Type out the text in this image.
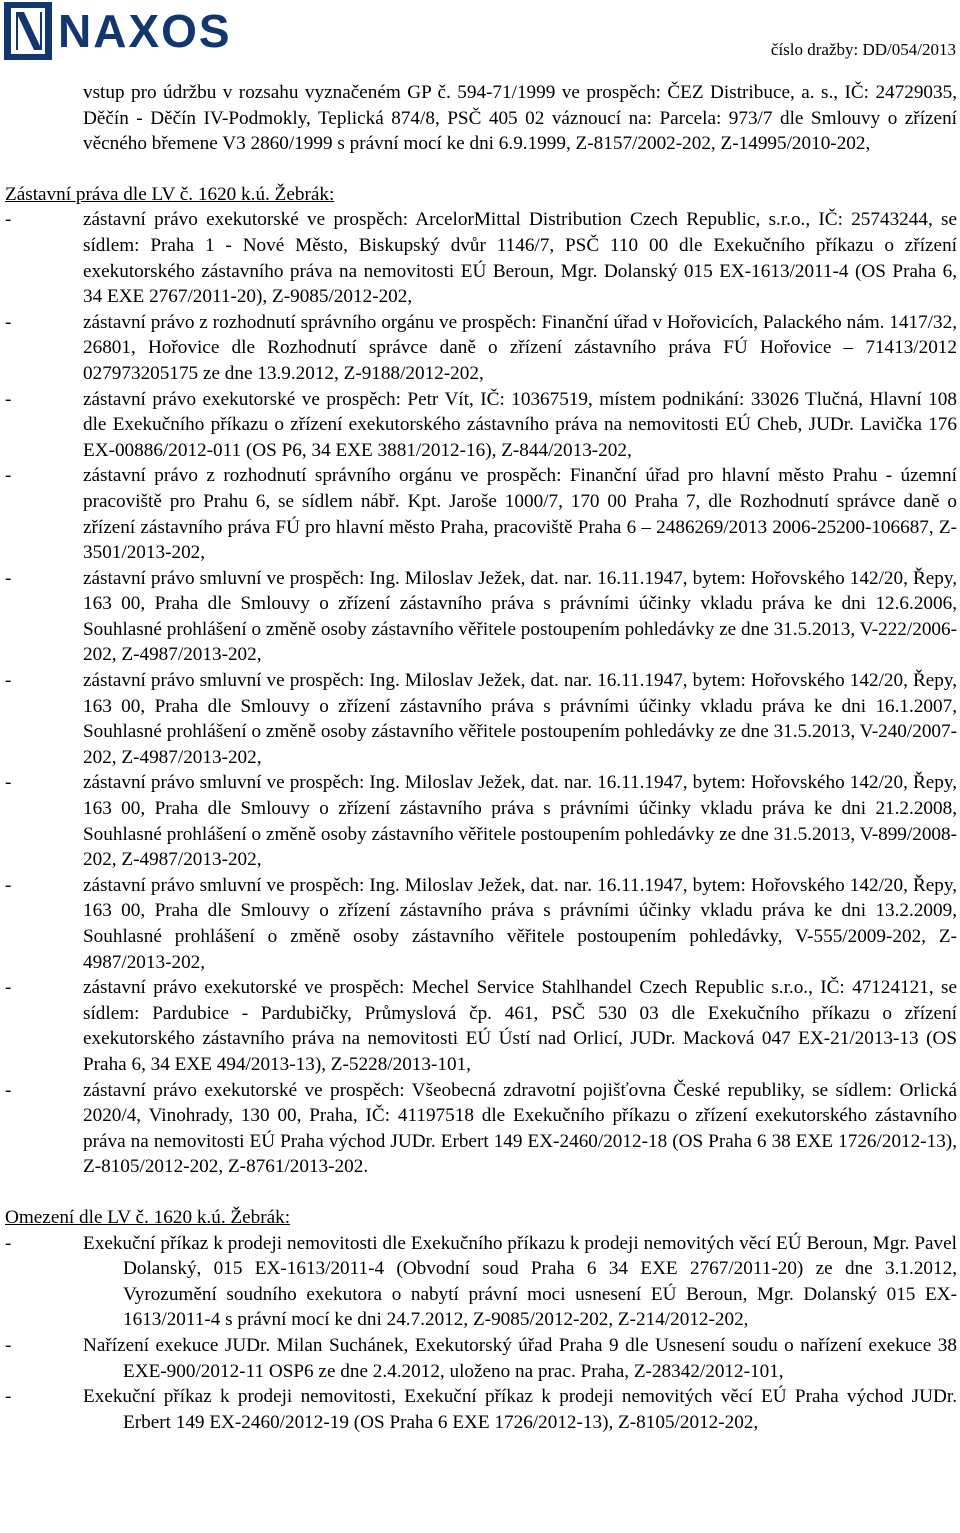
NAXOS	číslo dražby: DD/054/2013
vstup pro údržbu v rozsahu vyznačeném GP č. 594-71/1999 ve prospěch: ČEZ Distribuce, a. s., IČ: 24729035, Děčín - Děčín IV-Podmokly, Teplická 874/8, PSČ 405 02 váznoucí na: Parcela: 973/7 dle Smlouvy o zřízení věcného břemene V3 2860/1999 s právní mocí ke dni 6.9.1999, Z-8157/2002-202, Z-14995/2010-202,
Zástavní práva dle LV č. 1620 k.ú. Žebrák:
-	zástavní právo exekutorské ve prospěch: ArcelorMittal Distribution Czech Republic, s.r.o., IČ: 25743244, se sídlem: Praha 1 - Nové Město, Biskupský dvůr 1146/7, PSČ 110 00 dle Exekučního příkazu o zřízení exekutorského zástavního práva na nemovitosti EÚ Beroun, Mgr. Dolanský 015 EX-1613/2011-4 (OS Praha 6, 34 EXE 2767/2011-20), Z-9085/2012-202,
-	zástavní právo z rozhodnutí správního orgánu ve prospěch: Finanční úřad v Hořovicích, Palackého nám. 1417/32, 26801, Hořovice dle Rozhodnutí správce daně o zřízení zástavního práva FÚ Hořovice – 71413/2012 027973205175 ze dne 13.9.2012, Z-9188/2012-202,
-	zástavní právo exekutorské ve prospěch: Petr Vít, IČ: 10367519, místem podnikání: 33026 Tlučná, Hlavní 108 dle Exekučního příkazu o zřízení exekutorského zástavního práva na nemovitosti EÚ Cheb, JUDr. Lavička 176 EX-00886/2012-011 (OS P6, 34 EXE 3881/2012-16), Z-844/2013-202,
-	zástavní právo z rozhodnutí správního orgánu ve prospěch: Finanční úřad pro hlavní město Prahu - územní pracoviště pro Prahu 6, se sídlem nábř. Kpt. Jaroše 1000/7, 170 00 Praha 7, dle Rozhodnutí správce daně o zřízení zástavního práva FÚ pro hlavní město Praha, pracoviště Praha 6 – 2486269/2013 2006-25200-106687, Z-3501/2013-202,
-	zástavní právo smluvní ve prospěch: Ing. Miloslav Ježek, dat. nar. 16.11.1947, bytem: Hořovského 142/20, Řepy, 163 00, Praha dle Smlouvy o zřízení zástavního práva s právními účinky vkladu práva ke dni 12.6.2006, Souhlasné prohlášení o změně osoby zástavního věřitele postoupením pohledávky ze dne 31.5.2013, V-222/2006-202, Z-4987/2013-202,
-	zástavní právo smluvní ve prospěch: Ing. Miloslav Ježek, dat. nar. 16.11.1947, bytem: Hořovského 142/20, Řepy, 163 00, Praha dle Smlouvy o zřízení zástavního práva s právními účinky vkladu práva ke dni 16.1.2007, Souhlasné prohlášení o změně osoby zástavního věřitele postoupením pohledávky ze dne 31.5.2013, V-240/2007-202, Z-4987/2013-202,
-	zástavní právo smluvní ve prospěch: Ing. Miloslav Ježek, dat. nar. 16.11.1947, bytem: Hořovského 142/20, Řepy, 163 00, Praha dle Smlouvy o zřízení zástavního práva s právními účinky vkladu práva ke dni 21.2.2008, Souhlasné prohlášení o změně osoby zástavního věřitele postoupením pohledávky ze dne 31.5.2013, V-899/2008-202, Z-4987/2013-202,
-	zástavní právo smluvní ve prospěch: Ing. Miloslav Ježek, dat. nar. 16.11.1947, bytem: Hořovského 142/20, Řepy, 163 00, Praha dle Smlouvy o zřízení zástavního práva s právními účinky vkladu práva ke dni 13.2.2009, Souhlasné prohlášení o změně osoby zástavního věřitele postoupením pohledávky, V-555/2009-202, Z-4987/2013-202,
-	zástavní právo exekutorské ve prospěch: Mechel Service Stahlhandel Czech Republic s.r.o., IČ: 47124121, se sídlem: Pardubice - Pardubičky, Průmyslová čp. 461, PSČ 530 03 dle Exekučního příkazu o zřízení exekutorského zástavního práva na nemovitosti EÚ Ústí nad Orlicí, JUDr. Macková 047 EX-21/2013-13 (OS Praha 6, 34 EXE 494/2013-13), Z-5228/2013-101,
-	zástavní právo exekutorské ve prospěch: Všeobecná zdravotní pojišťovna České republiky, se sídlem: Orlická 2020/4, Vinohrady, 130 00, Praha, IČ: 41197518 dle Exekučního příkazu o zřízení exekutorského zástavního práva na nemovitosti EÚ Praha východ JUDr. Erbert 149 EX-2460/2012-18 (OS Praha 6 38 EXE 1726/2012-13), Z-8105/2012-202, Z-8761/2013-202.
Omezení dle LV č. 1620 k.ú. Žebrák:
-	Exekuční příkaz k prodeji nemovitosti dle Exekučního příkazu k prodeji nemovitých věcí EÚ Beroun, Mgr. Pavel Dolanský, 015 EX-1613/2011-4 (Obvodní soud Praha 6 34 EXE 2767/2011-20) ze dne 3.1.2012, Vyrozumění soudního exekutora o nabytí právní moci usnesení EÚ Beroun, Mgr. Dolanský 015 EX-1613/2011-4 s právní mocí ke dni 24.7.2012, Z-9085/2012-202, Z-214/2012-202,
-	Nařízení exekuce JUDr. Milan Suchánek, Exekutorský úřad Praha 9 dle Usnesení soudu o nařízení exekuce 38 EXE-900/2012-11 OSP6 ze dne 2.4.2012, uloženo na prac. Praha, Z-28342/2012-101,
-	Exekuční příkaz k prodeji nemovitosti, Exekuční příkaz k prodeji nemovitých věcí EÚ Praha východ JUDr. Erbert 149 EX-2460/2012-19 (OS Praha 6 EXE 1726/2012-13), Z-8105/2012-202,
